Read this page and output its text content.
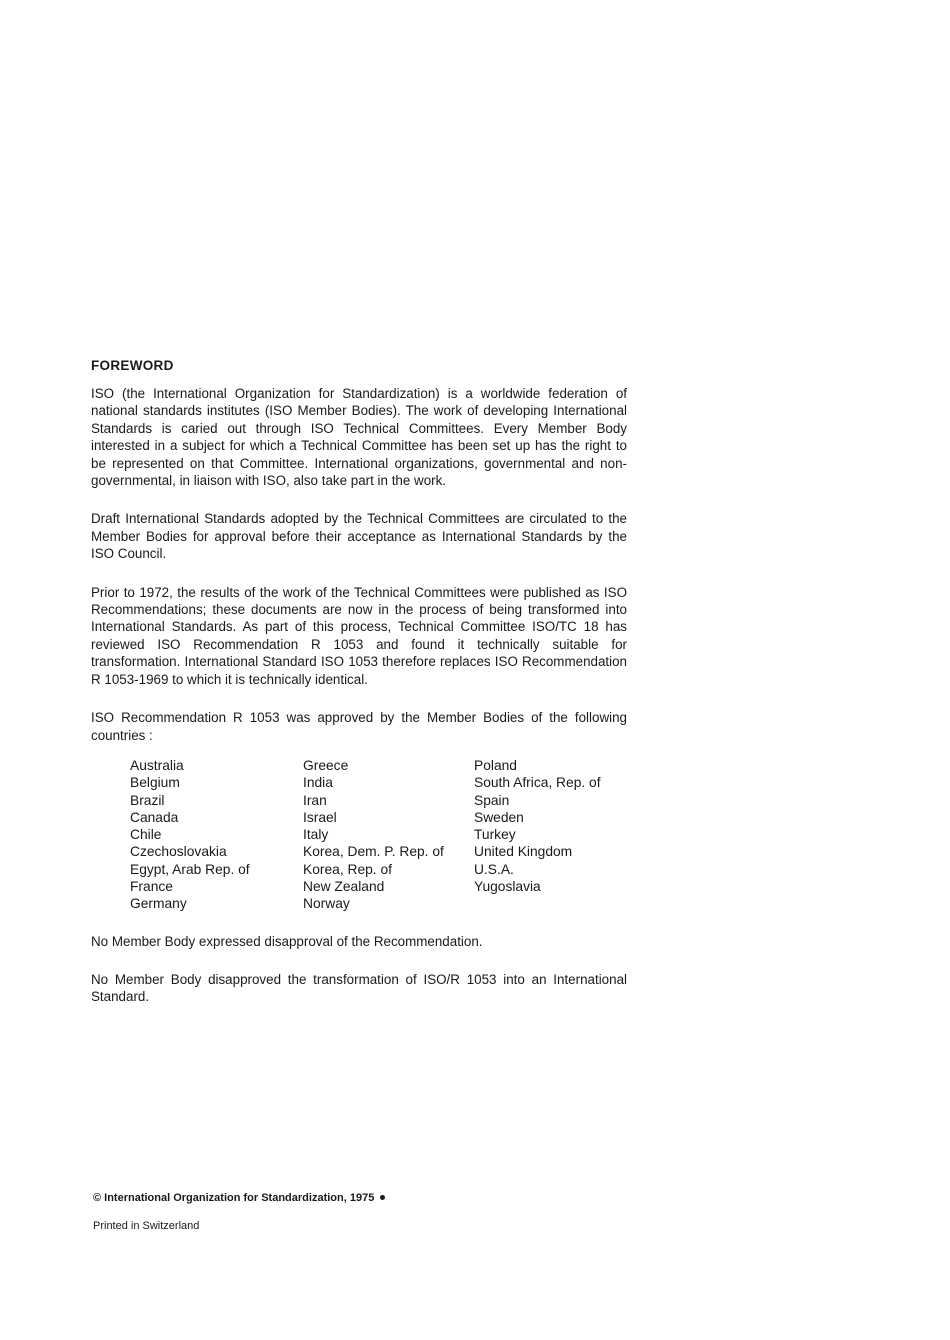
FOREWORD

ISO (the International Organization for Standardization) is a worldwide federation of national standards institutes (ISO Member Bodies). The work of developing International Standards is caried out through ISO Technical Committees. Every Member Body interested in a subject for which a Technical Committee has been set up has the right to be represented on that Committee. International organizations, governmental and non-governmental, in liaison with ISO, also take part in the work.

Draft International Standards adopted by the Technical Committees are circulated to the Member Bodies for approval before their acceptance as International Standards by the ISO Council.

Prior to 1972, the results of the work of the Technical Committees were published as ISO Recommendations; these documents are now in the process of being transformed into International Standards. As part of this process, Technical Committee ISO/TC 18 has reviewed ISO Recommendation R 1053 and found it technically suitable for transformation. International Standard ISO 1053 therefore replaces ISO Recommendation R 1053-1969 to which it is technically identical.

ISO Recommendation R 1053 was approved by the Member Bodies of the following countries :

Australia
Belgium
Brazil
Canada
Chile
Czechoslovakia
Egypt, Arab Rep. of
France
Germany
Greece
India
Iran
Israel
Italy
Korea, Dem. P. Rep. of
Korea, Rep. of
New Zealand
Norway
Poland
South Africa, Rep. of
Spain
Sweden
Turkey
United Kingdom
U.S.A.
Yugoslavia

No Member Body expressed disapproval of the Recommendation.

No Member Body disapproved the transformation of ISO/R 1053 into an International Standard.

© International Organization for Standardization, 1975
Printed in Switzerland
